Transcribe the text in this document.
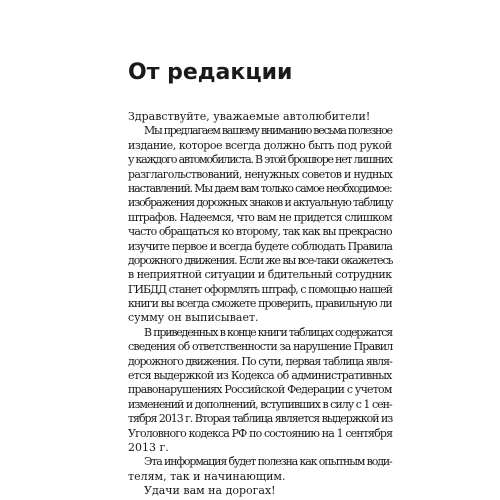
От редакции
Здравствуйте, уважаемые автолюбители!
Мы предлагаем вашему вниманию весьма полезное
издание, которое всегда должно быть под рукой
у каждого автомобилиста. В этой брошюре нет лишних
разглагольствований, ненужных советов и нудных
наставлений. Мы даем вам только самое необходимое:
изображения дорожных знаков и актуальную таблицу
штрафов. Надеемся, что вам не придется слишком
часто обращаться ко второму, так как вы прекрасно
изучите первое и всегда будете соблюдать Правила
дорожного движения. Если же вы все-таки окажетесь
в неприятной ситуации и бдительный сотрудник
ГИБДД станет оформлять штраф, с помощью нашей
книги вы всегда сможете проверить, правильную ли
сумму он выписывает.
В приведенных в конце книги таблицах содержатся
сведения об ответственности за нарушение Правил
дорожного движения. По сути, первая таблица явля-
ется выдержкой из Кодекса об административных
правонарушениях Российской Федерации с учетом
изменений и дополнений, вступивших в силу с 1 сен-
тября 2013 г. Вторая таблица является выдержкой из
Уголовного кодекса РФ по состоянию на 1 сентября
2013 г.
Эта информация будет полезна как опытным води-
телям, так и начинающим.
Удачи вам на дорогах!
